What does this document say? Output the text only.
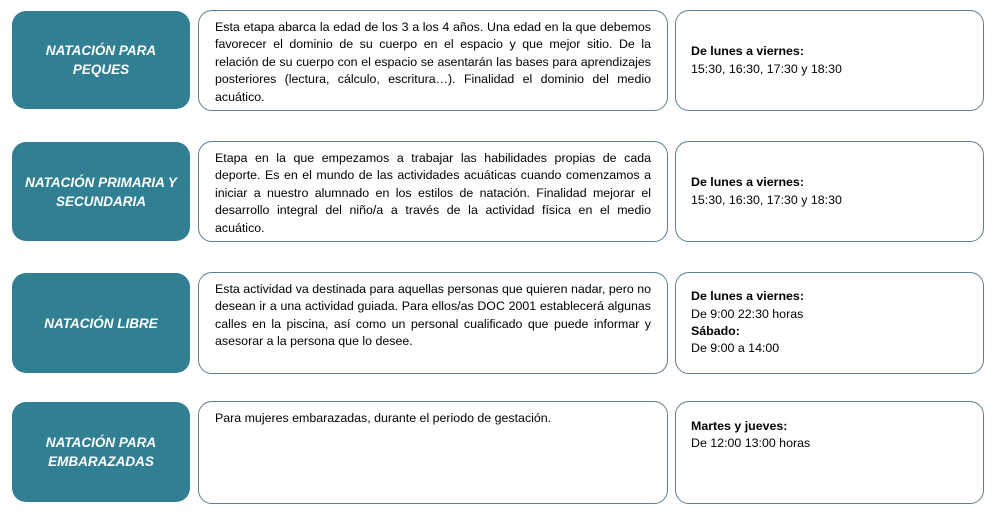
NATACIÓN PARA PEQUES
Esta etapa abarca la edad de los 3 a los 4 años. Una edad en la que debemos favorecer el dominio de su cuerpo en el espacio y que mejor sitio. De la relación de su cuerpo con el espacio se asentarán las bases para aprendizajes posteriores (lectura, cálculo, escritura…). Finalidad el dominio del medio acuático.
De lunes a viernes:
15:30, 16:30, 17:30 y 18:30
NATACIÓN PRIMARIA Y SECUNDARIA
Etapa en la que empezamos a trabajar las habilidades propias de cada deporte. Es en el mundo de las actividades acuáticas cuando comenzamos a iniciar a nuestro alumnado en los estilos de natación. Finalidad mejorar el desarrollo integral del niño/a a través de la actividad física en el medio acuático.
De lunes a viernes:
15:30, 16:30, 17:30 y 18:30
NATACIÓN LIBRE
Esta actividad va destinada para aquellas personas que quieren nadar, pero no desean ir a una actividad guiada. Para ellos/as DOC 2001 establecerá algunas calles en la piscina, así como un personal cualificado que puede informar y asesorar a la persona que lo desee.
De lunes a viernes:
De 9:00 22:30 horas
Sábado:
De 9:00 a 14:00
NATACIÓN PARA EMBARAZADAS
Para mujeres embarazadas, durante el periodo de gestación.
Martes y jueves:
De 12:00 13:00 horas
